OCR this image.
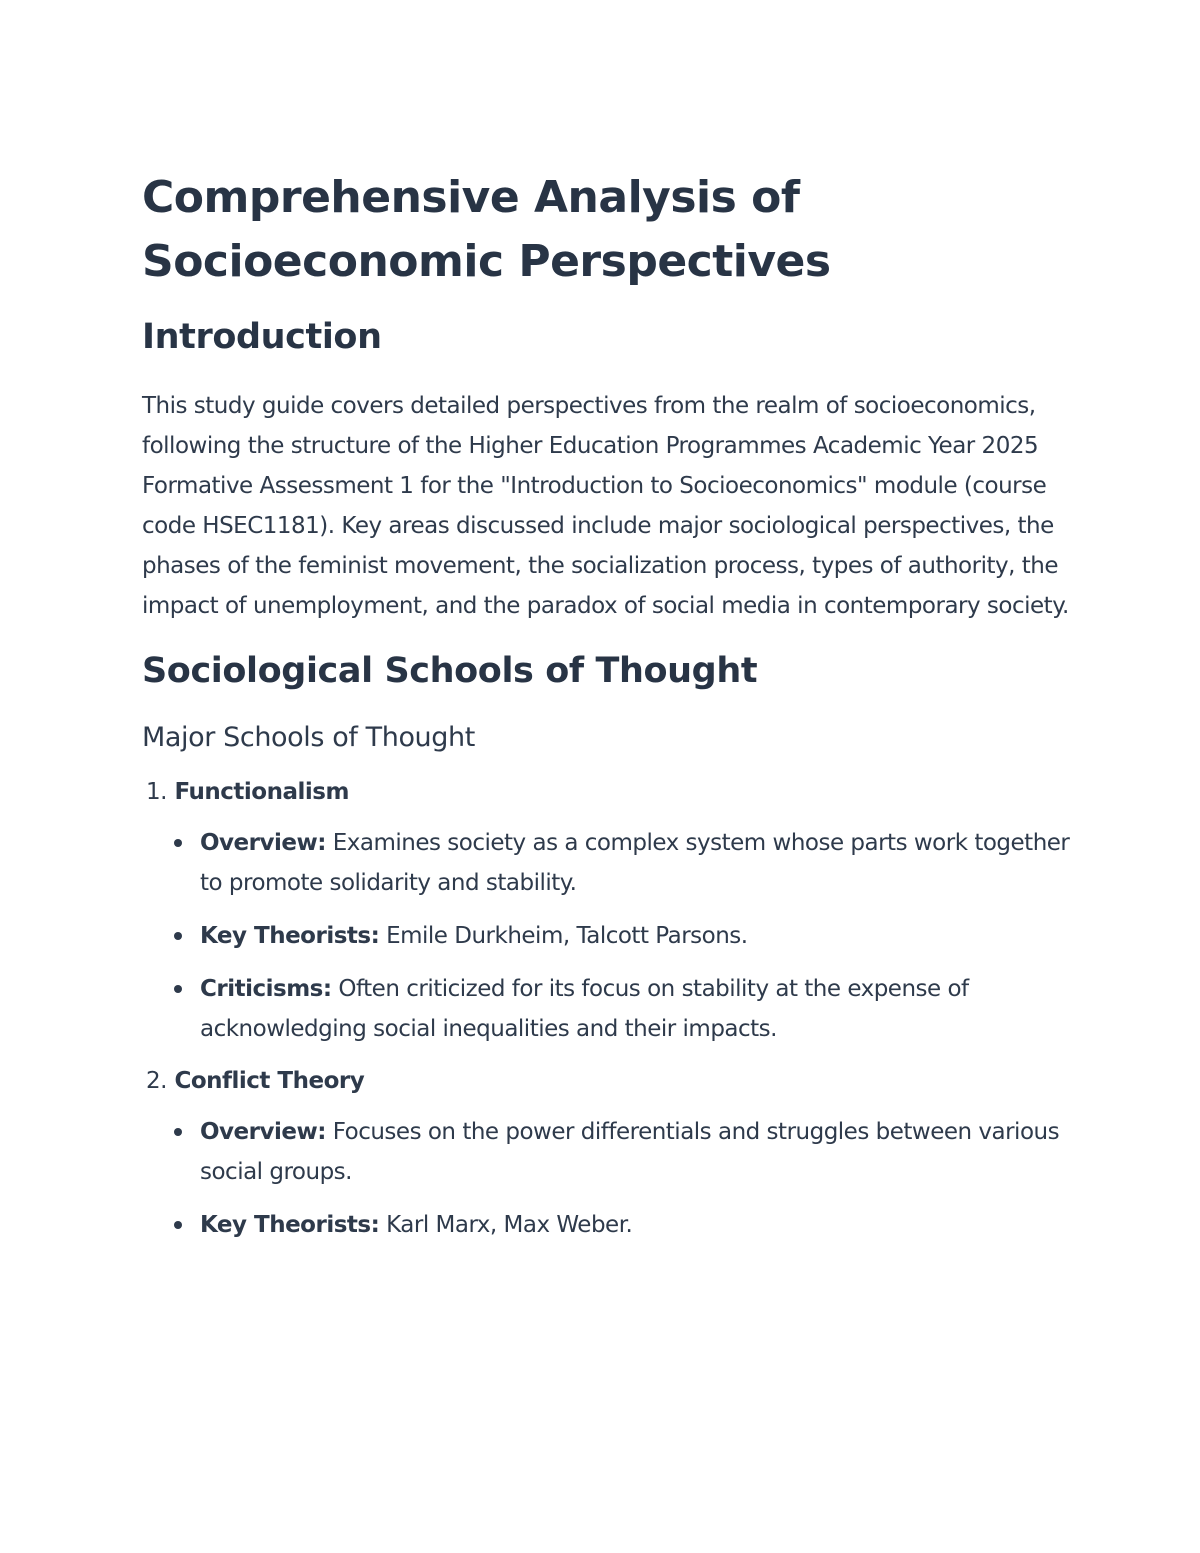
Comprehensive Analysis of
Socioeconomic Perspectives
Introduction

This study guide covers detailed perspectives from the realm of socioeconomics, following the structure of the Higher Education Programmes Academic Year 2025 Formative Assessment 1 for the "Introduction to Socioeconomics" module (course code HSEC1181). Key areas discussed include major sociological perspectives, the phases of the feminist movement, the socialization process, types of authority, the impact of unemployment, and the paradox of social media in contemporary society.

Sociological Schools of Thought
Major Schools of Thought
1. Functionalism
Overview: Examines society as a complex system whose parts work together to promote solidarity and stability.
Key Theorists: Emile Durkheim, Talcott Parsons.
Criticisms: Often criticized for its focus on stability at the expense of acknowledging social inequalities and their impacts.
2. Conflict Theory
Overview: Focuses on the power differentials and struggles between various social groups.
Key Theorists: Karl Marx, Max Weber.
